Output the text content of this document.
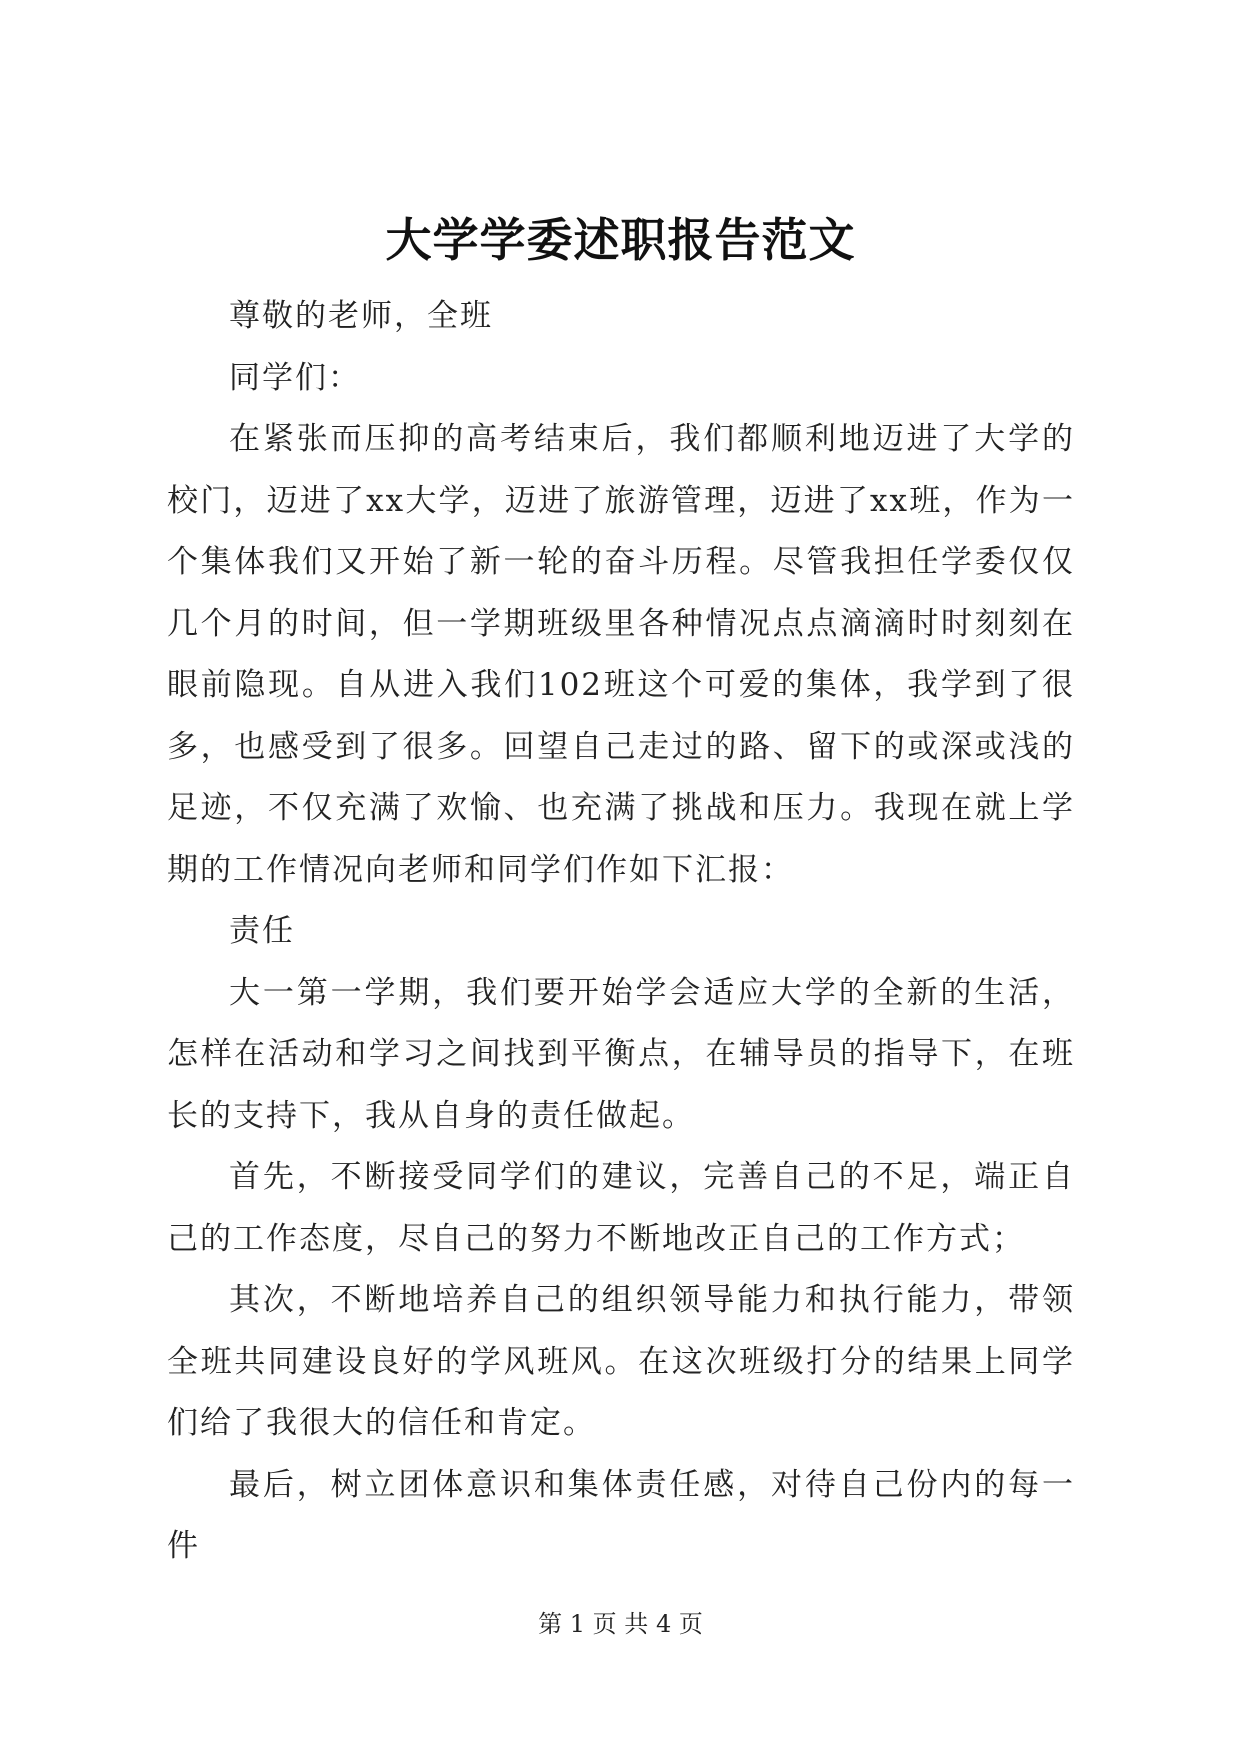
大学学委述职报告范文

尊敬的老师，全班

同学们：

在紧张而压抑的高考结束后，我们都顺利地迈进了大学的校门，迈进了xx大学，迈进了旅游管理，迈进了xx班，作为一个集体我们又开始了新一轮的奋斗历程。尽管我担任学委仅仅几个月的时间，但一学期班级里各种情况点点滴滴时时刻刻在眼前隐现。自从进入我们102班这个可爱的集体，我学到了很多，也感受到了很多。回望自己走过的路、留下的或深或浅的足迹，不仅充满了欢愉、也充满了挑战和压力。我现在就上学期的工作情况向老师和同学们作如下汇报：

责任

大一第一学期，我们要开始学会适应大学的全新的生活，怎样在活动和学习之间找到平衡点，在辅导员的指导下，在班长的支持下，我从自身的责任做起。

首先，不断接受同学们的建议，完善自己的不足，端正自己的工作态度，尽自己的努力不断地改正自己的工作方式；

其次，不断地培养自己的组织领导能力和执行能力，带领全班共同建设良好的学风班风。在这次班级打分的结果上同学们给了我很大的信任和肯定。

最后，树立团体意识和集体责任感，对待自己份内的每一件

第 1 页 共 4 页
